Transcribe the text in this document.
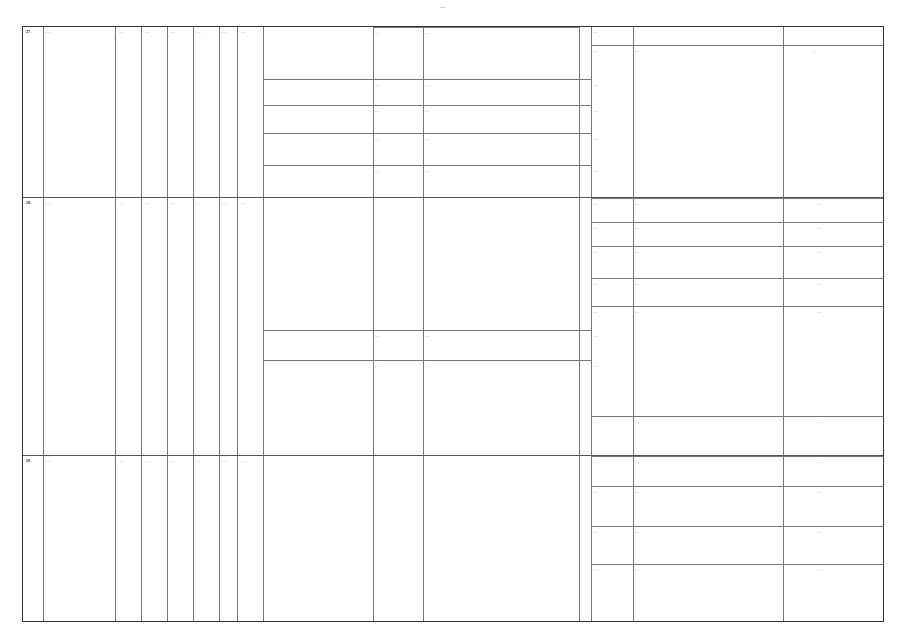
…
27.	…	…	…	…	…	…	…	…	…	…
…	…	…
…	…	…
…	…	…
…	…	…
…	…	…
28.	…	…	…	…	…	…	…	…	…	…
…	…	…
…	…	…
…	…	…
…	…	…
…	…	…
…	…	…
…	…	…
29.	…	…	…	…	…	…	…	…	…	…
…	…	…
…	…	…
…	…	…
